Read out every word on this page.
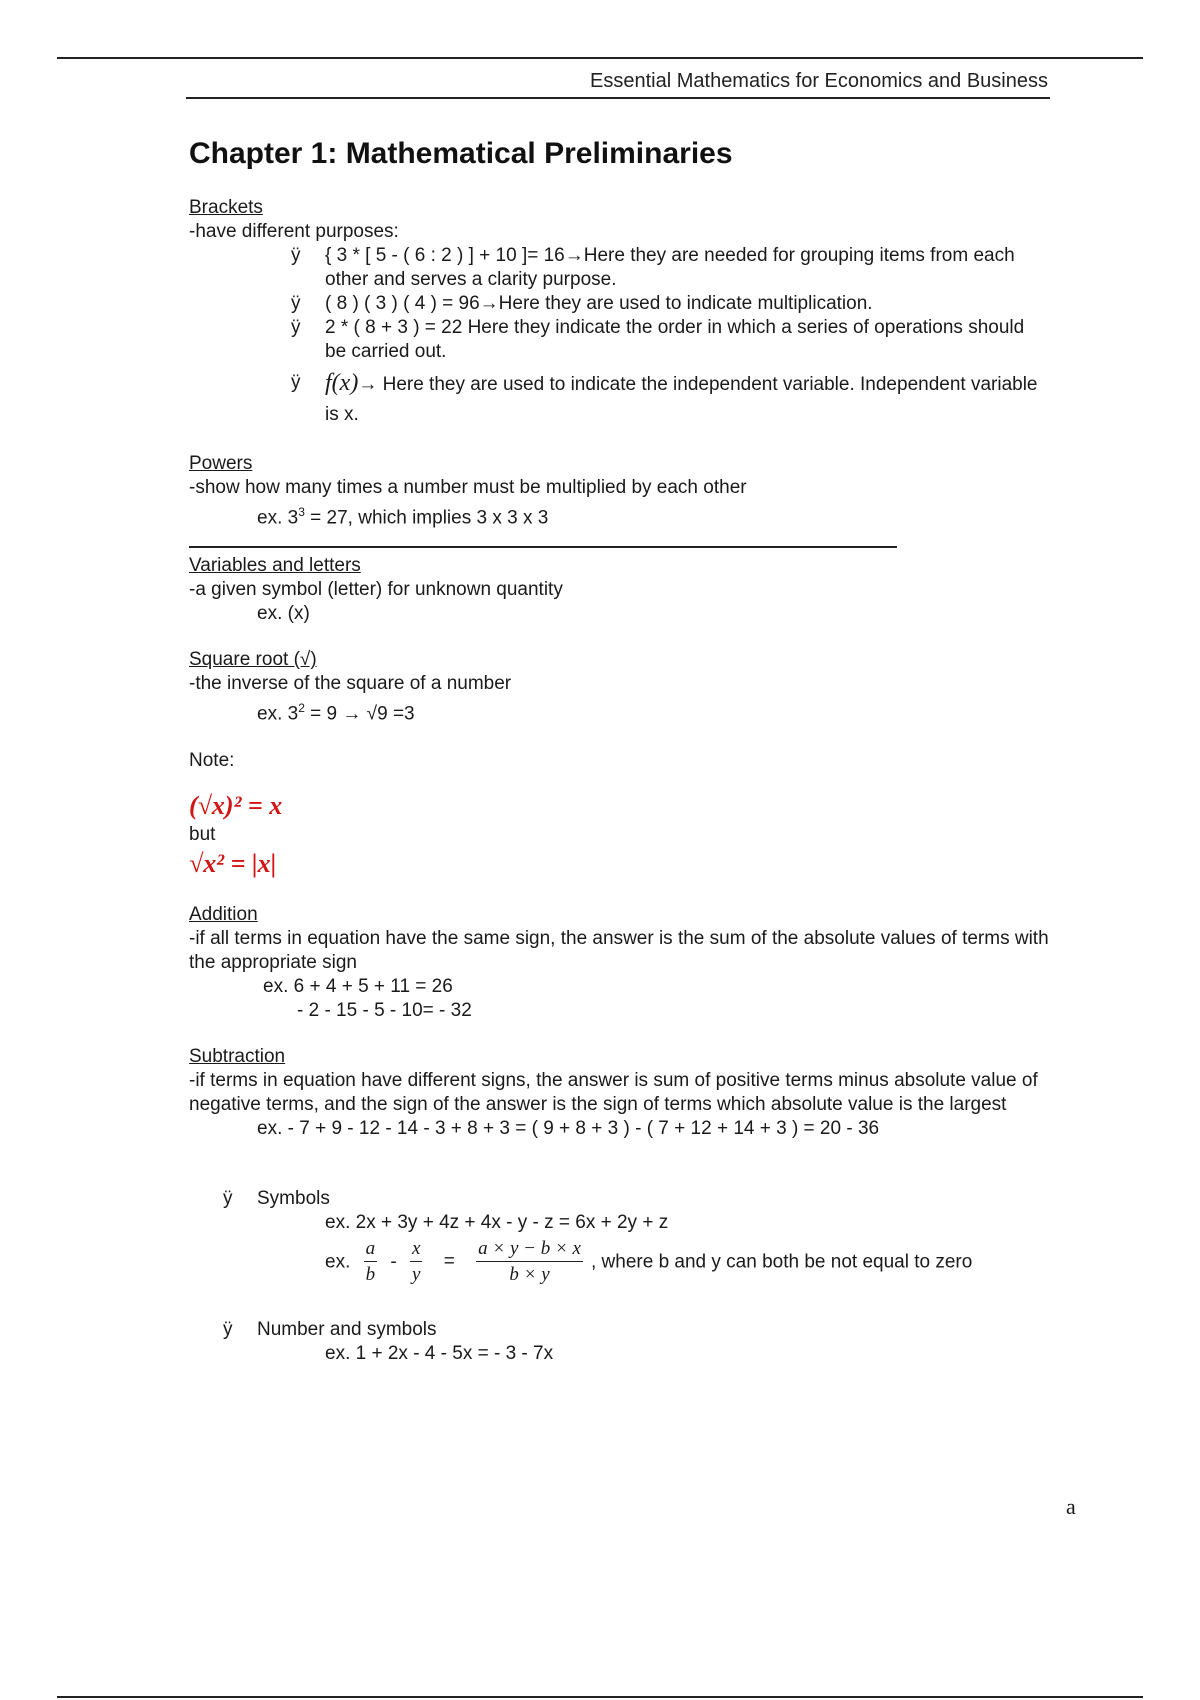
Essential Mathematics for Economics and Business
Chapter 1: Mathematical Preliminaries
Brackets
-have different purposes:
ÿ { 3 * [ 5 - ( 6 : 2 ) ] + 10 ]= 16→Here they are needed for grouping items from each other and serves a clarity purpose.
ÿ ( 8 ) ( 3 ) ( 4 ) = 96→Here they are used to indicate multiplication.
ÿ 2 * ( 8 + 3 ) = 22 Here they indicate the order in which a series of operations should be carried out.
ÿ f(x)→ Here they are used to indicate the independent variable. Independent variable is x.
Powers
-show how many times a number must be multiplied by each other
ex. $3^3 = 27$, which implies 3 x 3 x 3
Variables and letters
-a given symbol (letter) for unknown quantity
ex. (x)
Square root (√)
-the inverse of the square of a number
ex. $3^2 = 9 \to √9 =3$
Note:
(√x)² = x
but
√x² = |x|
Addition
-if all terms in equation have the same sign, the answer is the sum of the absolute values of terms with the appropriate sign
ex. 6 + 4 + 5 + 11 = 26
- 2 - 15 - 5 - 10= - 32
Subtraction
-if terms in equation have different signs, the answer is sum of positive terms minus absolute value of negative terms, and the sign of the answer is the sign of terms which absolute value is the largest
ex. - 7 + 9 - 12 - 14 - 3 + 8 + 3 = ( 9 + 8 + 3 ) - ( 7 + 12 + 14 + 3 ) = 20 - 36
ÿ Symbols
ex. 2x + 3y + 4z + 4x - y - z = 6x + 2y + z
ex. $\frac{a}{b} - \frac{x}{y} = \frac{a \times y - b \times x}{b \times y}$ , where b and y can both be not equal to zero
ÿ Number and symbols
ex. 1 + 2x - 4 - 5x = - 3 - 7x
a
